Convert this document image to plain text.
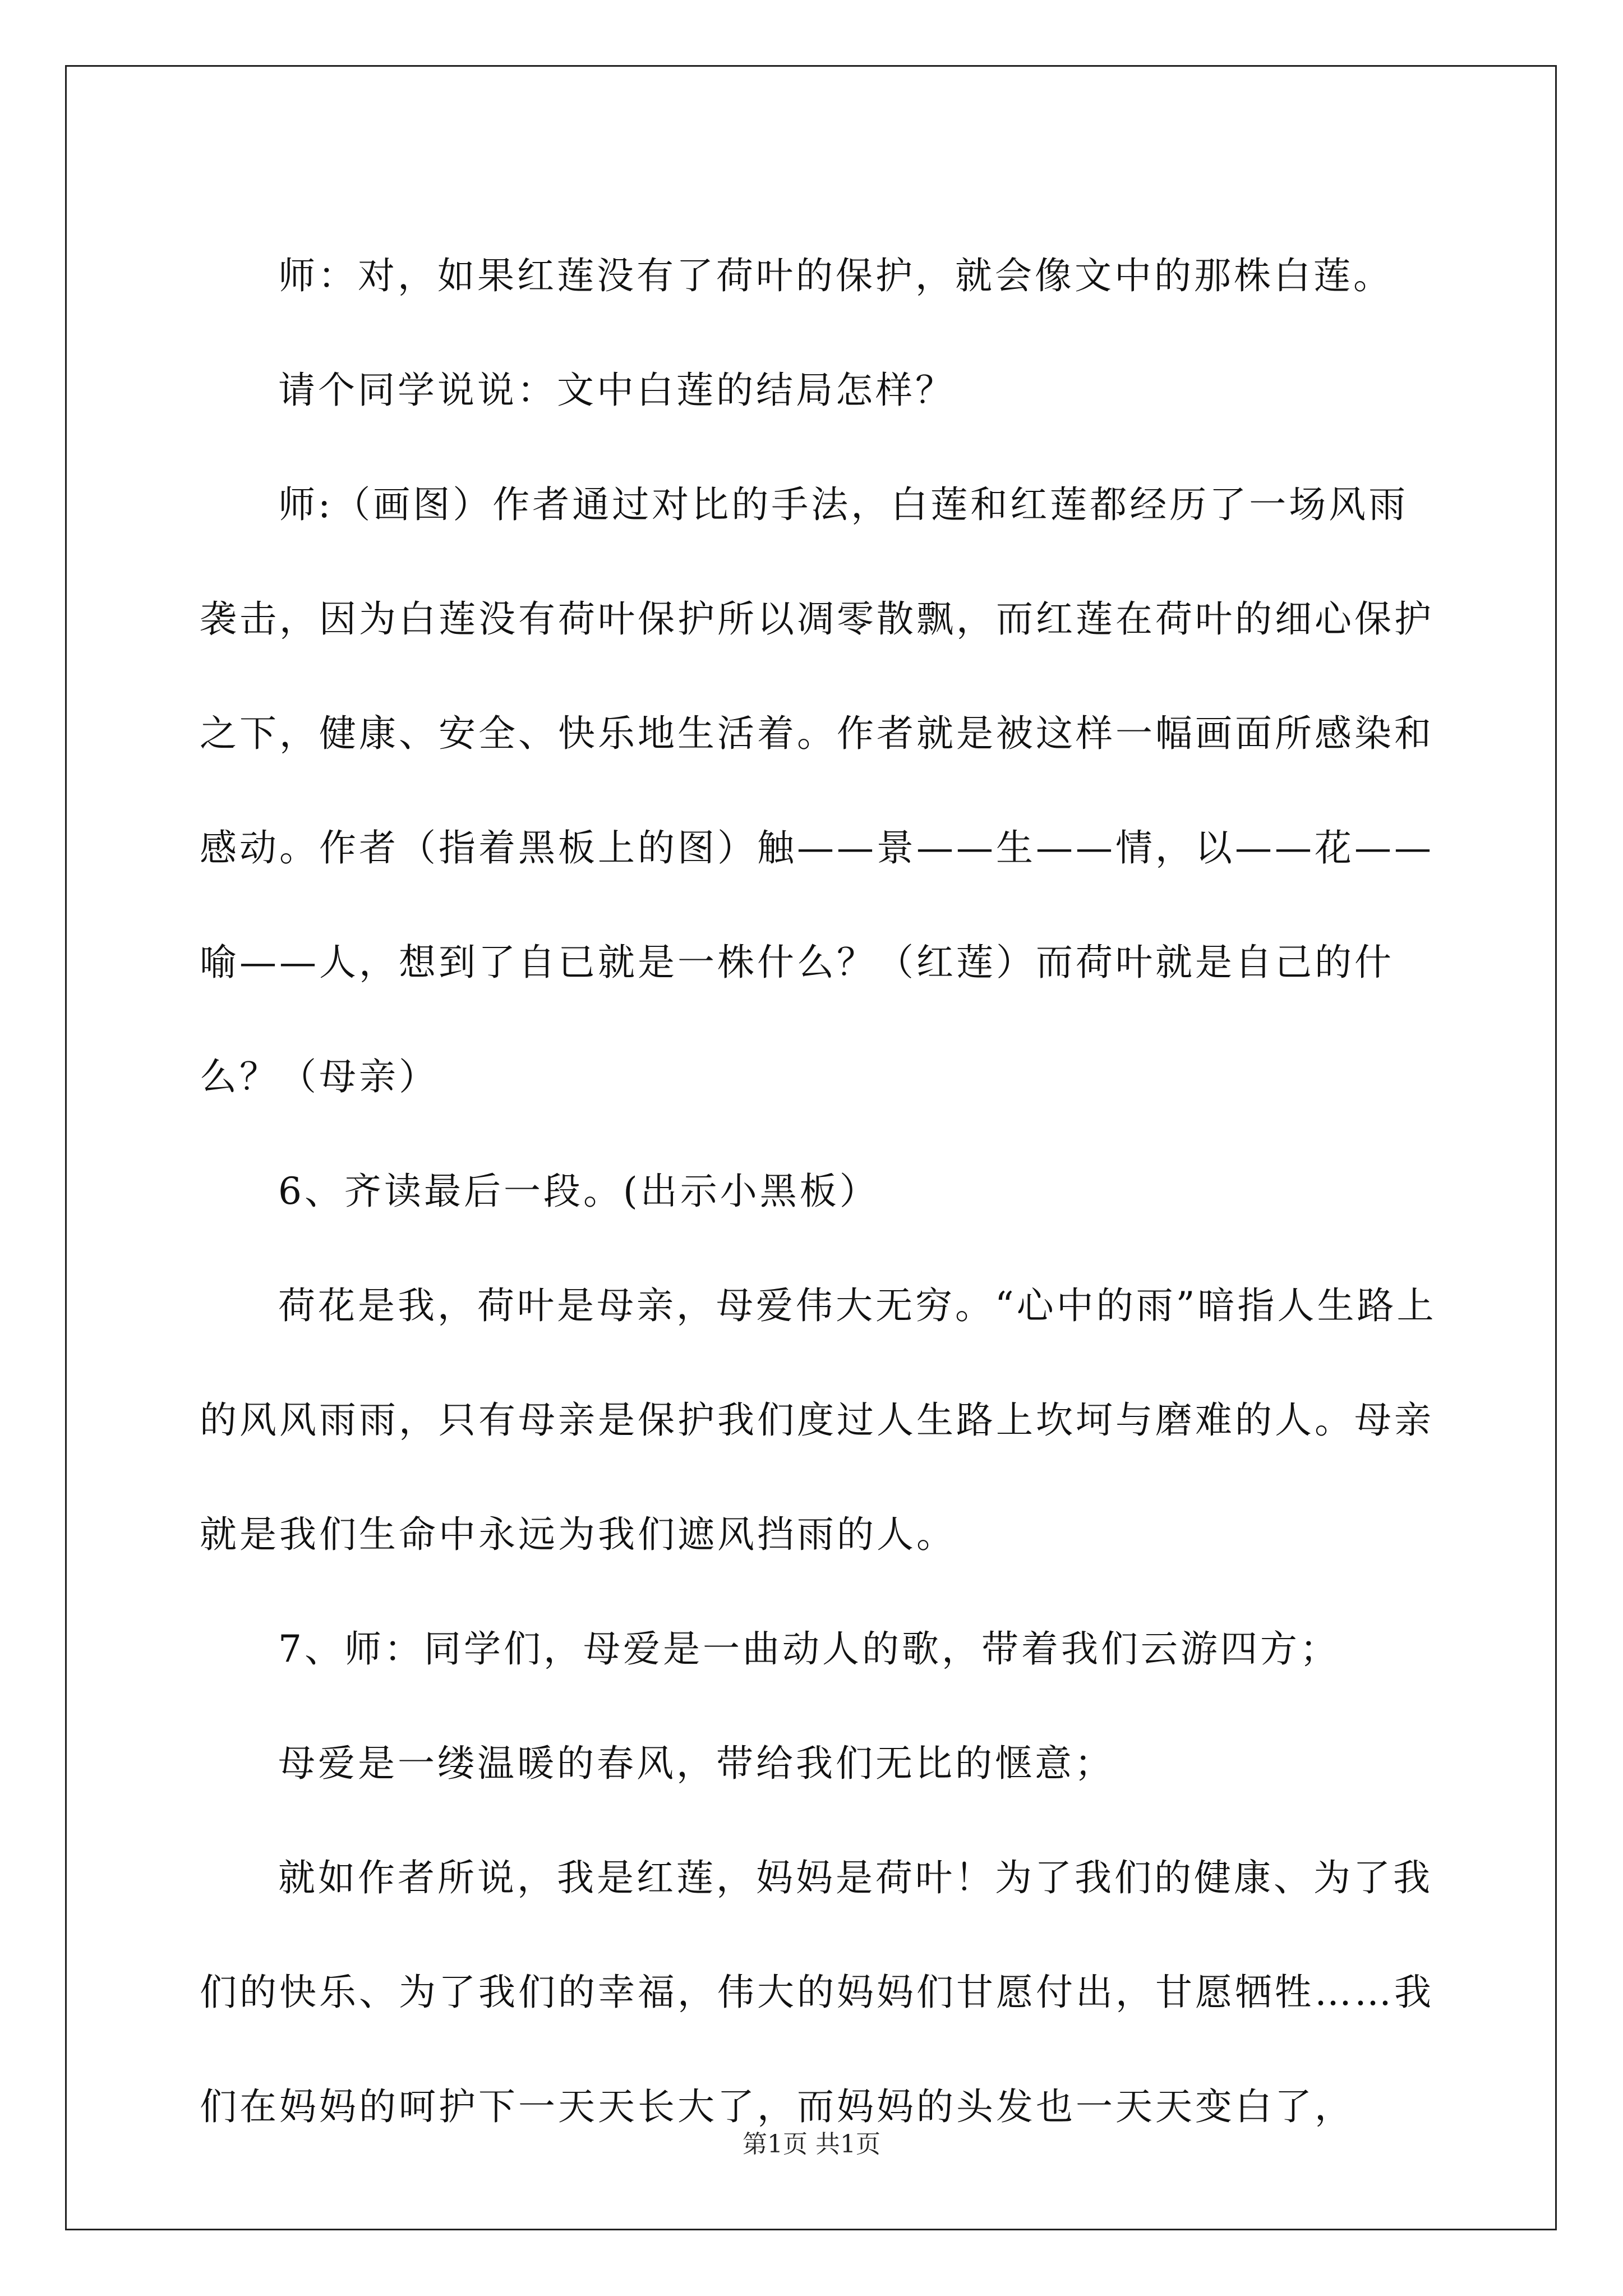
师：对，如果红莲没有了荷叶的保护，就会像文中的那株白莲。

请个同学说说：文中白莲的结局怎样？

师:（画图）作者通过对比的手法，白莲和红莲都经历了一场风雨袭击，因为白莲没有荷叶保护所以凋零散飘，而红莲在荷叶的细心保护之下，健康、安全、快乐地生活着。作者就是被这样一幅画面所感染和感动。作者（指着黑板上的图）触——景——生——情，以——花——喻——人，想到了自已就是一株什么？（红莲）而荷叶就是自己的什么？（母亲）

6、齐读最后一段。(出示小黑板）

荷花是我，荷叶是母亲，母爱伟大无穷。“心中的雨”暗指人生路上的风风雨雨，只有母亲是保护我们度过人生路上坎坷与磨难的人。母亲就是我们生命中永远为我们遮风挡雨的人。

7、师：同学们，母爱是一曲动人的歌，带着我们云游四方；

母爱是一缕温暖的春风，带给我们无比的惬意；

就如作者所说，我是红莲，妈妈是荷叶！为了我们的健康、为了我们的快乐、为了我们的幸福，伟大的妈妈们甘愿付出，甘愿牺牲……我们在妈妈的呵护下一天天长大了，而妈妈的头发也一天天变白了，

第1页 共1页
